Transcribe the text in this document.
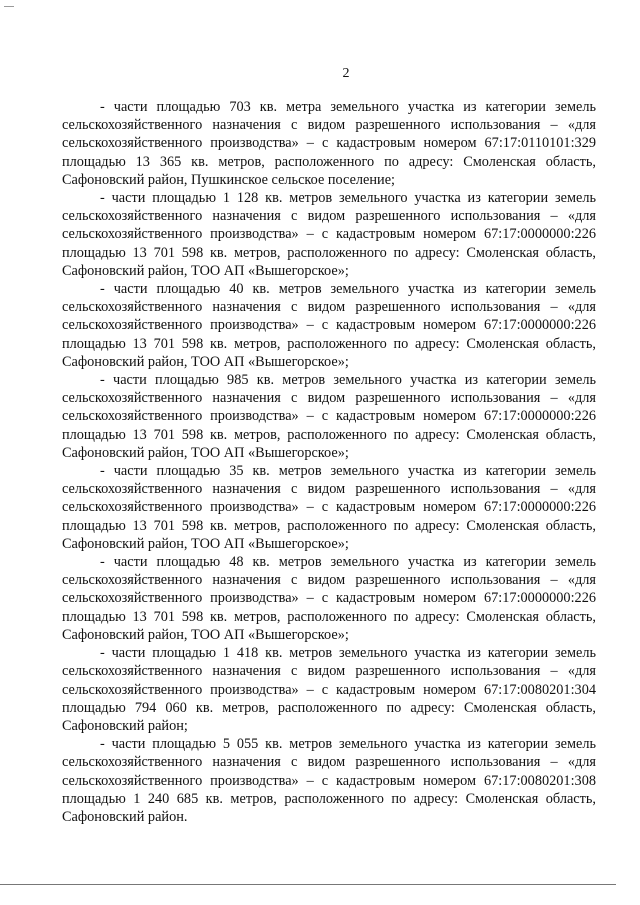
2

- части площадью 703 кв. метра земельного участка из категории земель сельскохозяйственного назначения с видом разрешенного использования – «для сельскохозяйственного производства» – с кадастровым номером 67:17:0110101:329 площадью 13 365 кв. метров, расположенного по адресу: Смоленская область, Сафоновский район, Пушкинское сельское поселение;

- части площадью 1 128 кв. метров земельного участка из категории земель сельскохозяйственного назначения с видом разрешенного использования – «для сельскохозяйственного производства» – с кадастровым номером 67:17:0000000:226 площадью 13 701 598 кв. метров, расположенного по адресу: Смоленская область, Сафоновский район, ТОО АП «Вышегорское»;

- части площадью 40 кв. метров земельного участка из категории земель сельскохозяйственного назначения с видом разрешенного использования – «для сельскохозяйственного производства» – с кадастровым номером 67:17:0000000:226 площадью 13 701 598 кв. метров, расположенного по адресу: Смоленская область, Сафоновский район, ТОО АП «Вышегорское»;

- части площадью 985 кв. метров земельного участка из категории земель сельскохозяйственного назначения с видом разрешенного использования – «для сельскохозяйственного производства» – с кадастровым номером 67:17:0000000:226 площадью 13 701 598 кв. метров, расположенного по адресу: Смоленская область, Сафоновский район, ТОО АП «Вышегорское»;

- части площадью 35 кв. метров земельного участка из категории земель сельскохозяйственного назначения с видом разрешенного использования – «для сельскохозяйственного производства» – с кадастровым номером 67:17:0000000:226 площадью 13 701 598 кв. метров, расположенного по адресу: Смоленская область, Сафоновский район, ТОО АП «Вышегорское»;

- части площадью 48 кв. метров земельного участка из категории земель сельскохозяйственного назначения с видом разрешенного использования – «для сельскохозяйственного производства» – с кадастровым номером 67:17:0000000:226 площадью 13 701 598 кв. метров, расположенного по адресу: Смоленская область, Сафоновский район, ТОО АП «Вышегорское»;

- части площадью 1 418 кв. метров земельного участка из категории земель сельскохозяйственного назначения с видом разрешенного использования – «для сельскохозяйственного производства» – с кадастровым номером 67:17:0080201:304 площадью 794 060 кв. метров, расположенного по адресу: Смоленская область, Сафоновский район;

- части площадью 5 055 кв. метров земельного участка из категории земель сельскохозяйственного назначения с видом разрешенного использования – «для сельскохозяйственного производства» – с кадастровым номером 67:17:0080201:308 площадью 1 240 685 кв. метров, расположенного по адресу: Смоленская область, Сафоновский район.
